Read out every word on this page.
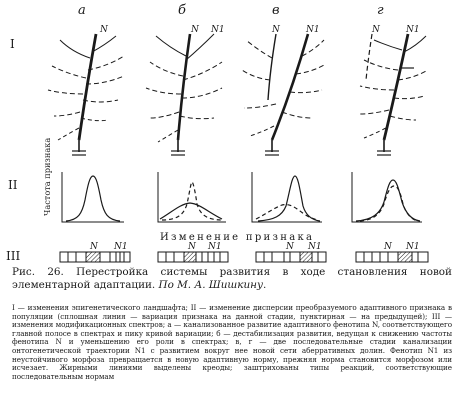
а	б	в	г
I
II
III
N	N N1	N	N1	N	N1
Частота признака
Изменение признака
N N1	N N1	N N1	N N1
Рис. 26. Перестройка системы развития в ходе становления новой элементарной адаптации. По М. А. Шишкину.
I — изменения эпигенетического ландшафта; II — изменение дисперсии преобразуемого адаптивного признака в популяции (сплошная линия — вариация признака на данной стадии, пунктирная — на предыдущей); III — изменения модификационных спектров; а — канализованное развитие адаптивного фенотипа N, соответствующего главной полосе в спектрах и пику кривой вариации; б — дестабилизация развития, ведущая к снижению частоты фенотипа N и уменьшению его роли в спектрах; в, г — две последовательные стадии канализации онтогенетической траектории N1 с развитием вокруг нее новой сети аберративных долин. Фенотип N1 из неустойчивого морфоза превращается в новую адаптивную норму, прежняя норма становится морфозом или исчезает. Жирными линиями выделены креоды; заштрихованы типы реакций, соответствующие последовательным нормам
